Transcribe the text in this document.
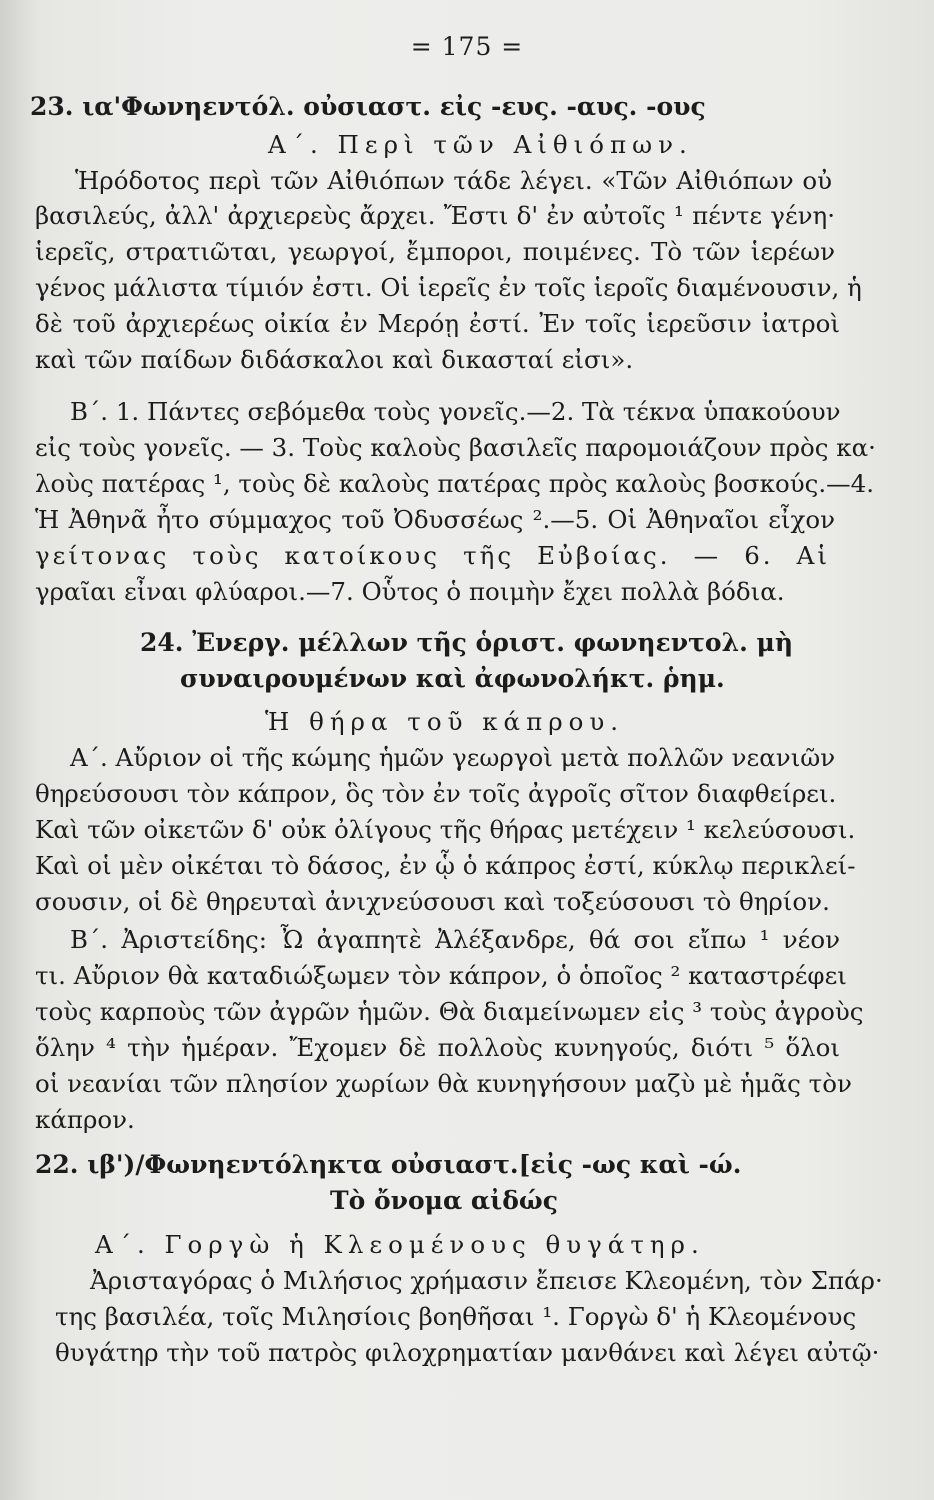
= 175 =
23. ια'Φωνηεντόλ. οὐσιαστ. εἰς -ευς. -αυς. -ους
Α΄. Περὶ τῶν Αἰθιόπων.
Ἡρόδοτος περὶ τῶν Αἰθιόπων τάδε λέγει. «Τῶν Αἰθιόπων οὐ
βασιλεύς, ἀλλ' ἀρχιερεὺς ἄρχει. Ἔστι δ' ἐν αὐτοῖς ¹ πέντε γένη·
ἱερεῖς, στρατιῶται, γεωργοί, ἔμποροι, ποιμένες. Τὸ τῶν ἱερέων
γένος μάλιστα τίμιόν ἐστι. Οἱ ἱερεῖς ἐν τοῖς ἱεροῖς διαμένουσιν, ἡ
δὲ τοῦ ἀρχιερέως οἰκία ἐν Μερόῃ ἐστί. Ἐν τοῖς ἱερεῦσιν ἰατροὶ
καὶ τῶν παίδων διδάσκαλοι καὶ δικασταί εἰσι».
Β΄. 1. Πάντες σεβόμεθα τοὺς γονεῖς.—2. Τὰ τέκνα ὑπακούουν
εἰς τοὺς γονεῖς. — 3. Τοὺς καλοὺς βασιλεῖς παρομοιάζουν πρὸς κα·
λοὺς πατέρας ¹, τοὺς δὲ καλοὺς πατέρας πρὸς καλοὺς βοσκούς.—4.
Ἡ Ἀθηνᾶ ἦτο σύμμαχος τοῦ Ὀδυσσέως ².—5. Οἱ Ἀθηναῖοι εἶχον
γείτονας τοὺς κατοίκους τῆς Εὐβοίας. — 6. Αἱ
γραῖαι εἶναι φλύαροι.—7. Οὗτος ὁ ποιμὴν ἔχει πολλὰ βόδια.
24. Ἐνεργ. μέλλων τῆς ὁριστ. φωνηεντολ. μὴ
συναιρουμένων καὶ ἀφωνολήκτ. ῥημ.
Ἡ θήρα τοῦ κάπρου.
Α΄. Αὔριον οἱ τῆς κώμης ἡμῶν γεωργοὶ μετὰ πολλῶν νεανιῶν
θηρεύσουσι τὸν κάπρον, ὃς τὸν ἐν τοῖς ἀγροῖς σῖτον διαφθείρει.
Καὶ τῶν οἰκετῶν δ' οὐκ ὀλίγους τῆς θήρας μετέχειν ¹ κελεύσουσι.
Καὶ οἱ μὲν οἰκέται τὸ δάσος, ἐν ᾧ ὁ κάπρος ἐστί, κύκλῳ περικλεί-
σουσιν, οἱ δὲ θηρευταὶ ἀνιχνεύσουσι καὶ τοξεύσουσι τὸ θηρίον.
Β΄. Ἀριστείδης: Ὦ ἀγαπητὲ Ἀλέξανδρε, θά σοι εἴπω ¹ νέον
τι. Αὔριον θὰ καταδιώξωμεν τὸν κάπρον, ὁ ὁποῖος ² καταστρέφει
τοὺς καρποὺς τῶν ἀγρῶν ἡμῶν. Θὰ διαμείνωμεν εἰς ³ τοὺς ἀγροὺς
ὅλην ⁴ τὴν ἡμέραν. Ἔχομεν δὲ πολλοὺς κυνηγούς, διότι ⁵ ὅλοι
οἱ νεανίαι τῶν πλησίον χωρίων θὰ κυνηγήσουν μαζὺ μὲ ἡμᾶς τὸν
κάπρον.
22. ιβ')/Φωνηεντόληκτα οὐσιαστ.[εἰς -ως καὶ -ώ.
Τὸ ὄνομα αἰδώς
Α΄. Γοργὼ ἡ Κλεομένους θυγάτηρ.
Ἀρισταγόρας ὁ Μιλήσιος χρήμασιν ἔπεισε Κλεομένη, τὸν Σπάρ·
της βασιλέα, τοῖς Μιλησίοις βοηθῆσαι ¹. Γοργὼ δ' ἡ Κλεομένους
θυγάτηρ τὴν τοῦ πατρὸς φιλοχρηματίαν μανθάνει καὶ λέγει αὐτῷ·
